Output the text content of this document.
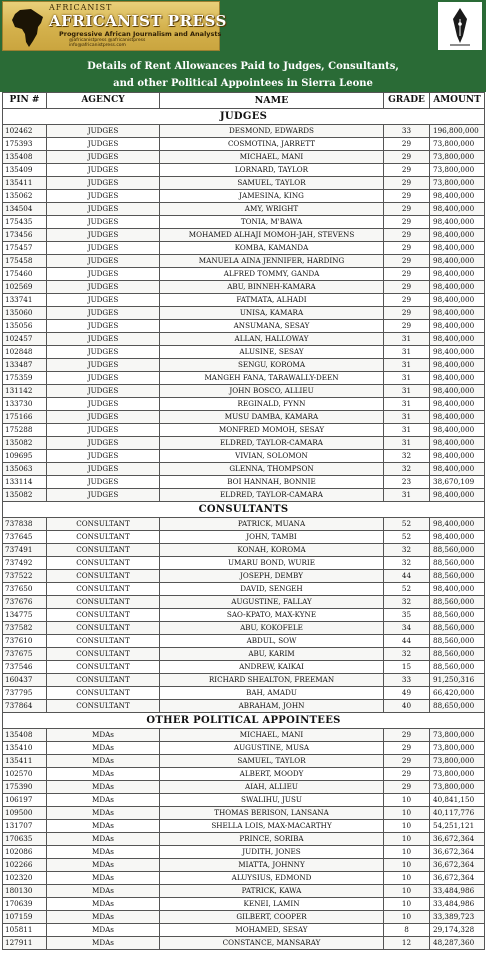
AFRICANIST
AFRICANIST PRESS
Progressive African Journalism and Analysts
@africanistpress @africanistpress
info@africanistpress.com
Details of Rent Allowances Paid to Judges, Consultants,
and other Political Appointees in Sierra Leone
PIN #	AGENCY	NAME	GRADE	AMOUNT
JUDGES				
102462	JUDGES	DESMOND, EDWARDS	33	196,800,000
175393	JUDGES	COSMOTINA, JARRETT	29	73,800,000
135408	JUDGES	MICHAEL, MANI	29	73,800,000
135409	JUDGES	LORNARD, TAYLOR	29	73,800,000
135411	JUDGES	SAMUEL, TAYLOR	29	73,800,000
135062	JUDGES	JAMESINA, KING	29	98,400,000
134504	JUDGES	AMY, WRIGHT	29	98,400,000
175435	JUDGES	TONIA, M'BAWA	29	98,400,000
173456	JUDGES	MOHAMED ALHAJI MOMOH-JAH, STEVENS	29	98,400,000
175457	JUDGES	KOMBA, KAMANDA	29	98,400,000
175458	JUDGES	MANUELA AINA JENNIFER, HARDING	29	98,400,000
175460	JUDGES	ALFRED TOMMY, GANDA	29	98,400,000
102569	JUDGES	ABU, BINNEH-KAMARA	29	98,400,000
133741	JUDGES	FATMATA, ALHADI	29	98,400,000
135060	JUDGES	UNISA, KAMARA	29	98,400,000
135056	JUDGES	ANSUMANA, SESAY	29	98,400,000
102457	JUDGES	ALLAN, HALLOWAY	31	98,400,000
102848	JUDGES	ALUSINE, SESAY	31	98,400,000
133487	JUDGES	SENGU, KOROMA	31	98,400,000
175359	JUDGES	MANGEH FANA, TARAWALLY-DEEN	31	98,400,000
131142	JUDGES	JOHN BOSCO, ALLIEU	31	98,400,000
133730	JUDGES	REGINALD, FYNN	31	98,400,000
175166	JUDGES	MUSU DAMBA, KAMARA	31	98,400,000
175288	JUDGES	MONFRED MOMOH, SESAY	31	98,400,000
135082	JUDGES	ELDRED, TAYLOR-CAMARA	31	98,400,000
109695	JUDGES	VIVIAN, SOLOMON	32	98,400,000
135063	JUDGES	GLENNA, THOMPSON	32	98,400,000
133114	JUDGES	BOI HANNAH, BONNIE	23	38,670,109
135082	JUDGES	ELDRED, TAYLOR-CAMARA	31	98,400,000
CONSULTANTS				
737838	CONSULTANT	PATRICK, MUANA	52	98,400,000
737645	CONSULTANT	JOHN, TAMBI	52	98,400,000
737491	CONSULTANT	KONAH, KOROMA	32	88,560,000
737492	CONSULTANT	UMARU BOND, WURIE	32	88,560,000
737522	CONSULTANT	JOSEPH, DEMBY	44	88,560,000
737650	CONSULTANT	DAVID, SENGEH	52	98,400,000
737676	CONSULTANT	AUGUSTINE, FALLAY	32	88,560,000
134775	CONSULTANT	SAO-KPATO, MAX-KYNE	35	88,560,000
737582	CONSULTANT	ABU, KOKOFELE	34	88,560,000
737610	CONSULTANT	ABDUL, SOW	44	88,560,000
737675	CONSULTANT	ABU, KARIM	32	88,560,000
737546	CONSULTANT	ANDREW, KAIKAI	15	88,560,000
160437	CONSULTANT	RICHARD SHEALTON, FREEMAN	33	91,250,316
737795	CONSULTANT	BAH, AMADU	49	66,420,000
737864	CONSULTANT	ABRAHAM, JOHN	40	88,650,000
OTHER POLITICAL APPOINTEES				
135408	MDAs	MICHAEL, MANI	29	73,800,000
135410	MDAs	AUGUSTINE, MUSA	29	73,800,000
135411	MDAs	SAMUEL, TAYLOR	29	73,800,000
102570	MDAs	ALBERT, MOODY	29	73,800,000
175390	MDAs	AIAH, ALLIEU	29	73,800,000
106197	MDAs	SWALIHU, JUSU	10	40,841,150
109500	MDAs	THOMAS BERISON, LANSANA	10	40,117,776
131707	MDAs	SHELLA LOIS, MAX-MACARTHY	10	54,251,121
170635	MDAs	PRINCE, SORIBA	10	36,672,364
102086	MDAs	JUDITH, JONES	10	36,672,364
102266	MDAs	MIATTA, JOHNNY	10	36,672,364
102320	MDAs	ALUYSIUS, EDMOND	10	36,672,364
180130	MDAs	PATRICK, KAWA	10	33,484,986
170639	MDAs	KENEI, LAMIN	10	33,484,986
107159	MDAs	GILBERT, COOPER	10	33,389,723
105811	MDAs	MOHAMED, SESAY	8	29,174,328
127911	MDAs	CONSTANCE, MANSARAY	12	48,287,360
